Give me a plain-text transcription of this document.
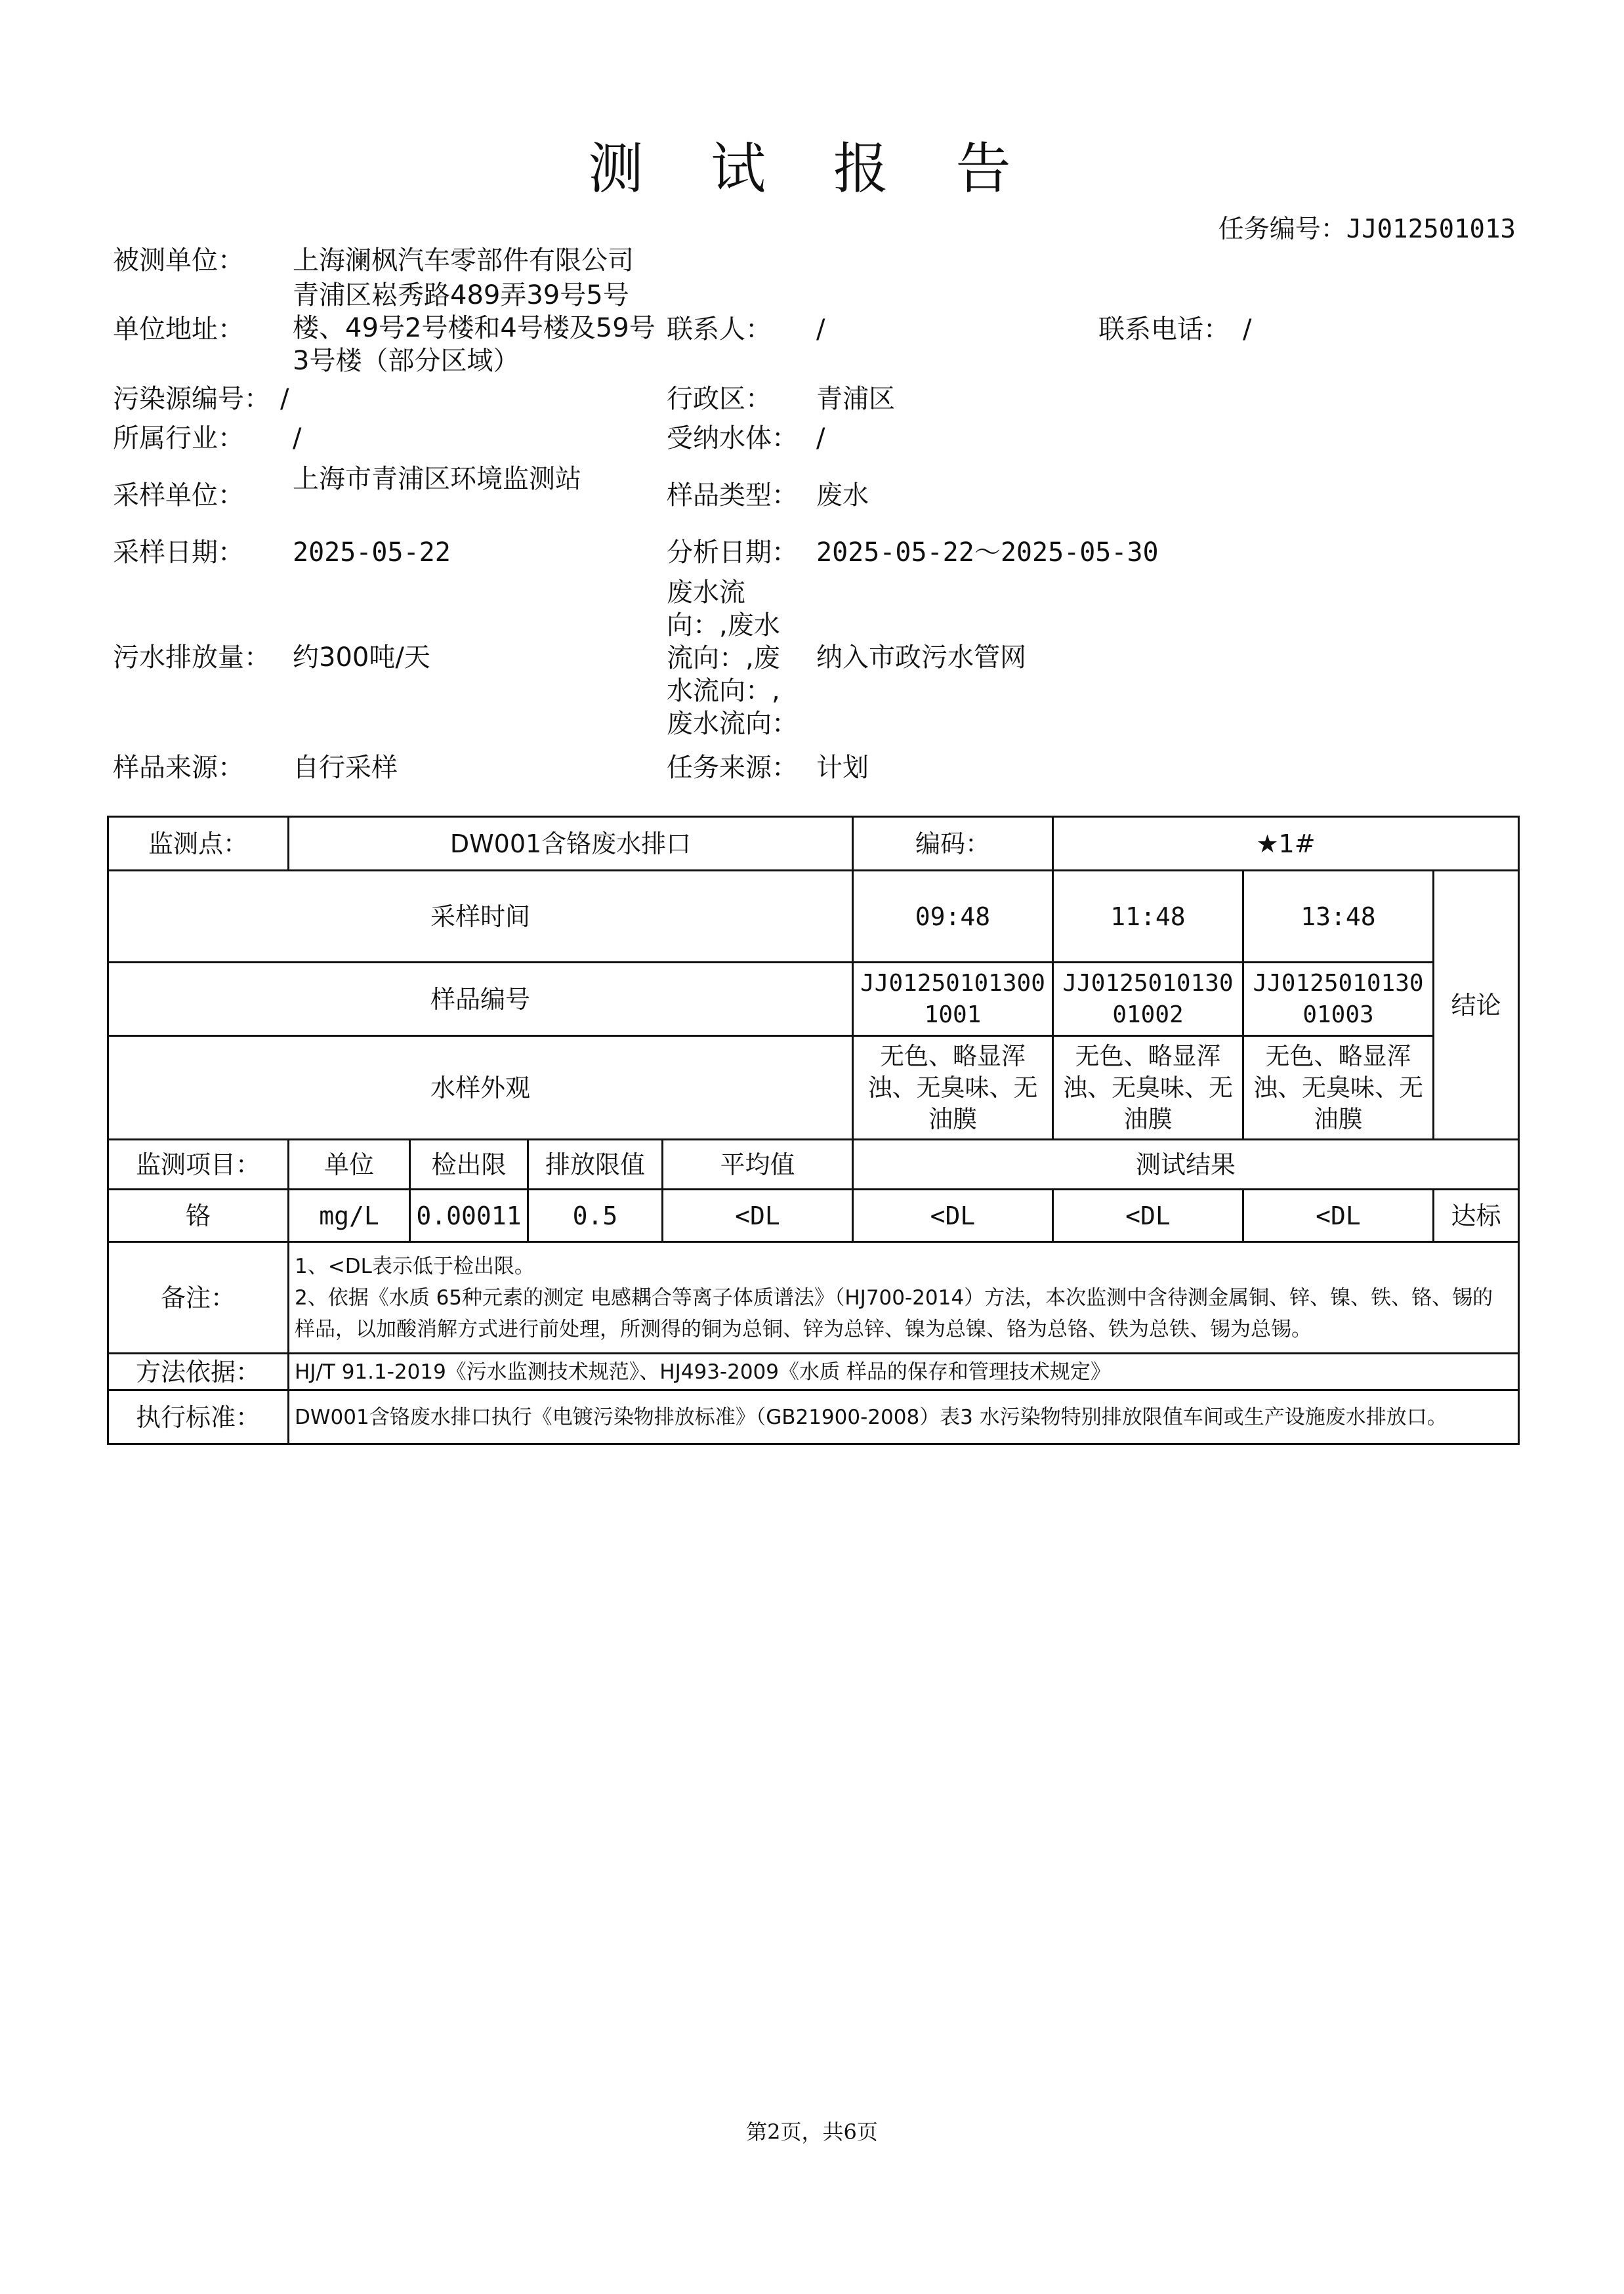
测 试 报 告
任务编号：JJ012501013
被测单位： 上海澜枫汽车零部件有限公司
单位地址：
青浦区崧秀路489弄39号5号楼、49号2号楼和4号楼及59号3号楼（部分区域）
联系人： /	联系电话： /
污染源编号： /	行政区： 青浦区
所属行业： /	受纳水体： /
采样单位：
上海市青浦区环境监测站
样品类型： 废水
采样日期： 2025-05-22	分析日期： 2025-05-22～2025-05-30
污水排放量： 约300吨/天
废水流向：,废水流向：,废水流向：,废水流向：
纳入市政污水管网
样品来源： 自行采样	任务来源： 计划
监测点：	DW001含铬废水排口				编码：	★1#		
采样时间					09:48	11:48	13:48	结论
样品编号					JJ012501013001001	JJ012501013001002	JJ012501013001003	
水样外观					无色、略显浑浊、无臭味、无油膜	无色、略显浑浊、无臭味、无油膜	无色、略显浑浊、无臭味、无油膜	
监测项目：	单位	检出限	排放限值	平均值	测试结果			
铬	mg/L	0.00011	0.5	<DL	<DL	<DL	<DL	达标
备注：	1、<DL表示低于检出限。
2、依据《水质 65种元素的测定 电感耦合等离子体质谱法》（HJ700-2014）方法，本次监测中含待测金属铜、锌、镍、铁、铬、锡的样品，以加酸消解方式进行前处理，所测得的铜为总铜、锌为总锌、镍为总镍、铬为总铬、铁为总铁、锡为总锡。							

方法依据：	HJ/T 91.1-2019《污水监测技术规范》、HJ493-2009《水质 样品的保存和管理技术规定》							
执行标准：	DW001含铬废水排口执行《电镀污染物排放标准》（GB21900-2008）表3 水污染物特别排放限值车间或生产设施废水排放口。							
第2页，共6页
